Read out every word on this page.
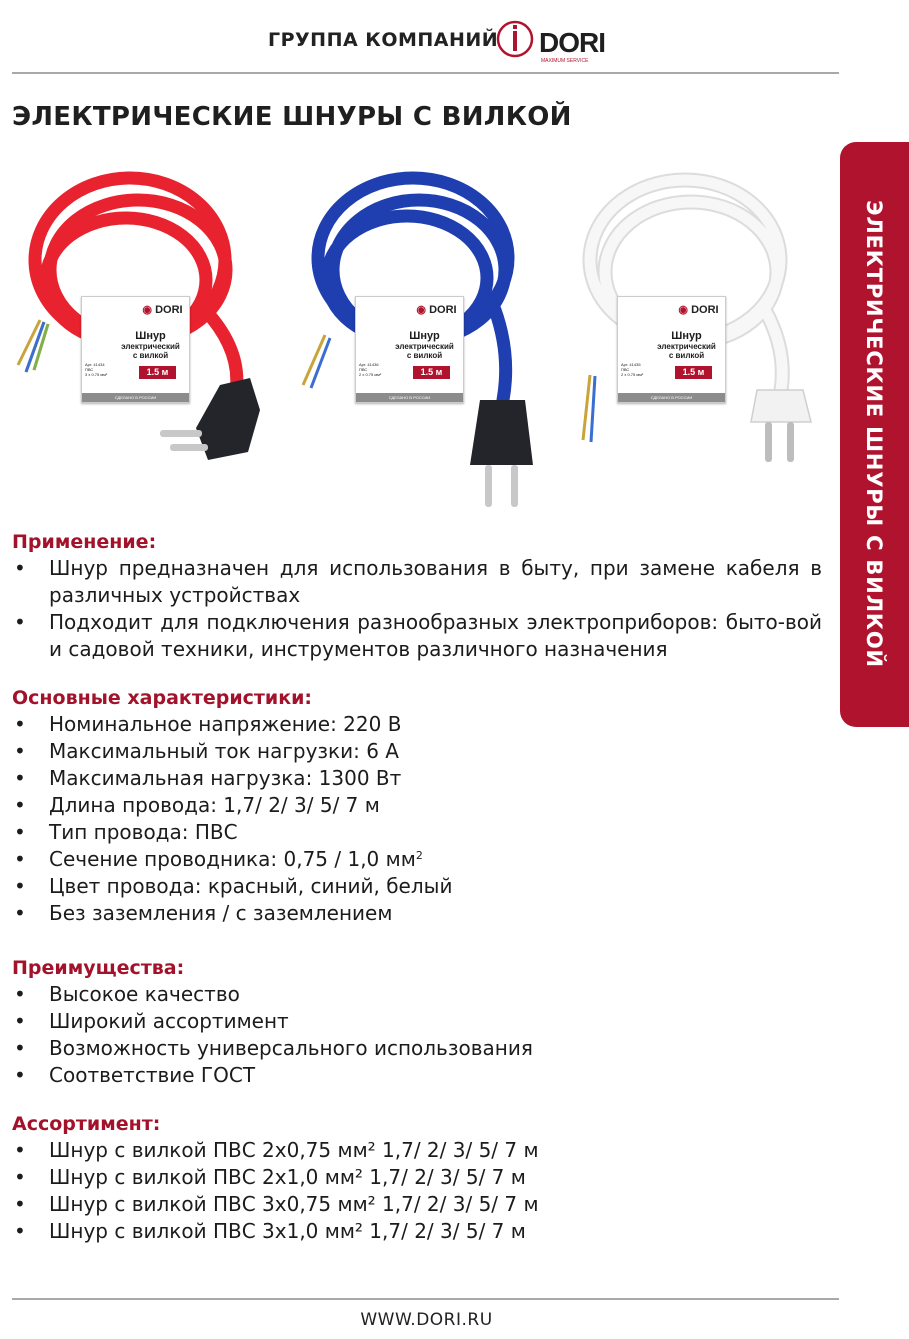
ГРУППА КОМПАНИЙ DORI
MAXIMUM SERVICE
ЭЛЕКТРИЧЕСКИЕ ШНУРЫ С ВИЛКОЙ
ЭЛЕКТРИЧЕСКИЕ ШНУРЫ С ВИЛКОЙ
◉ DORI
Шнур
электрический
с вилкой
Арт. 41434
ПВС
3 х 0.75 мм²	1.5 м
СДЕЛАНО В РОССИИ
◉ DORI
Шнур
электрический
с вилкой
Арт. 41436
ПВС
2 х 0.75 мм²	1.5 м
СДЕЛАНО В РОССИИ
◉ DORI
Шнур
электрический
с вилкой
Арт. 41435
ПВС
2 х 0.75 мм²	1.5 м
СДЕЛАНО В РОССИИ
Применение:
• Шнур предназначен для использования в быту, при замене кабеля в различных устройствах
• Подходит для подключения разнообразных электроприборов: быто-вой и садовой техники, инструментов различного назначения
Основные характеристики:
• Номинальное напряжение: 220 В
• Максимальный ток нагрузки: 6 А
• Максимальная нагрузка: 1300 Вт
• Длина провода: 1,7/ 2/ 3/ 5/ 7 м
• Тип провода: ПВС
• Сечение проводника: 0,75 / 1,0 $мм^2$
• Цвет провода: красный, синий, белый
• Без заземления / с заземлением
Преимущества:
• Высокое качество
• Широкий ассортимент
• Возможность универсального использования
• Соответствие ГОСТ
Ассортимент:
• Шнур с вилкой ПВС 2х0,75 мм² 1,7/ 2/ 3/ 5/ 7 м
• Шнур с вилкой ПВС 2х1,0 мм² 1,7/ 2/ 3/ 5/ 7 м
• Шнур с вилкой ПВС 3х0,75 мм² 1,7/ 2/ 3/ 5/ 7 м
• Шнур с вилкой ПВС 3х1,0 мм² 1,7/ 2/ 3/ 5/ 7 м
WWW.DORI.RU
